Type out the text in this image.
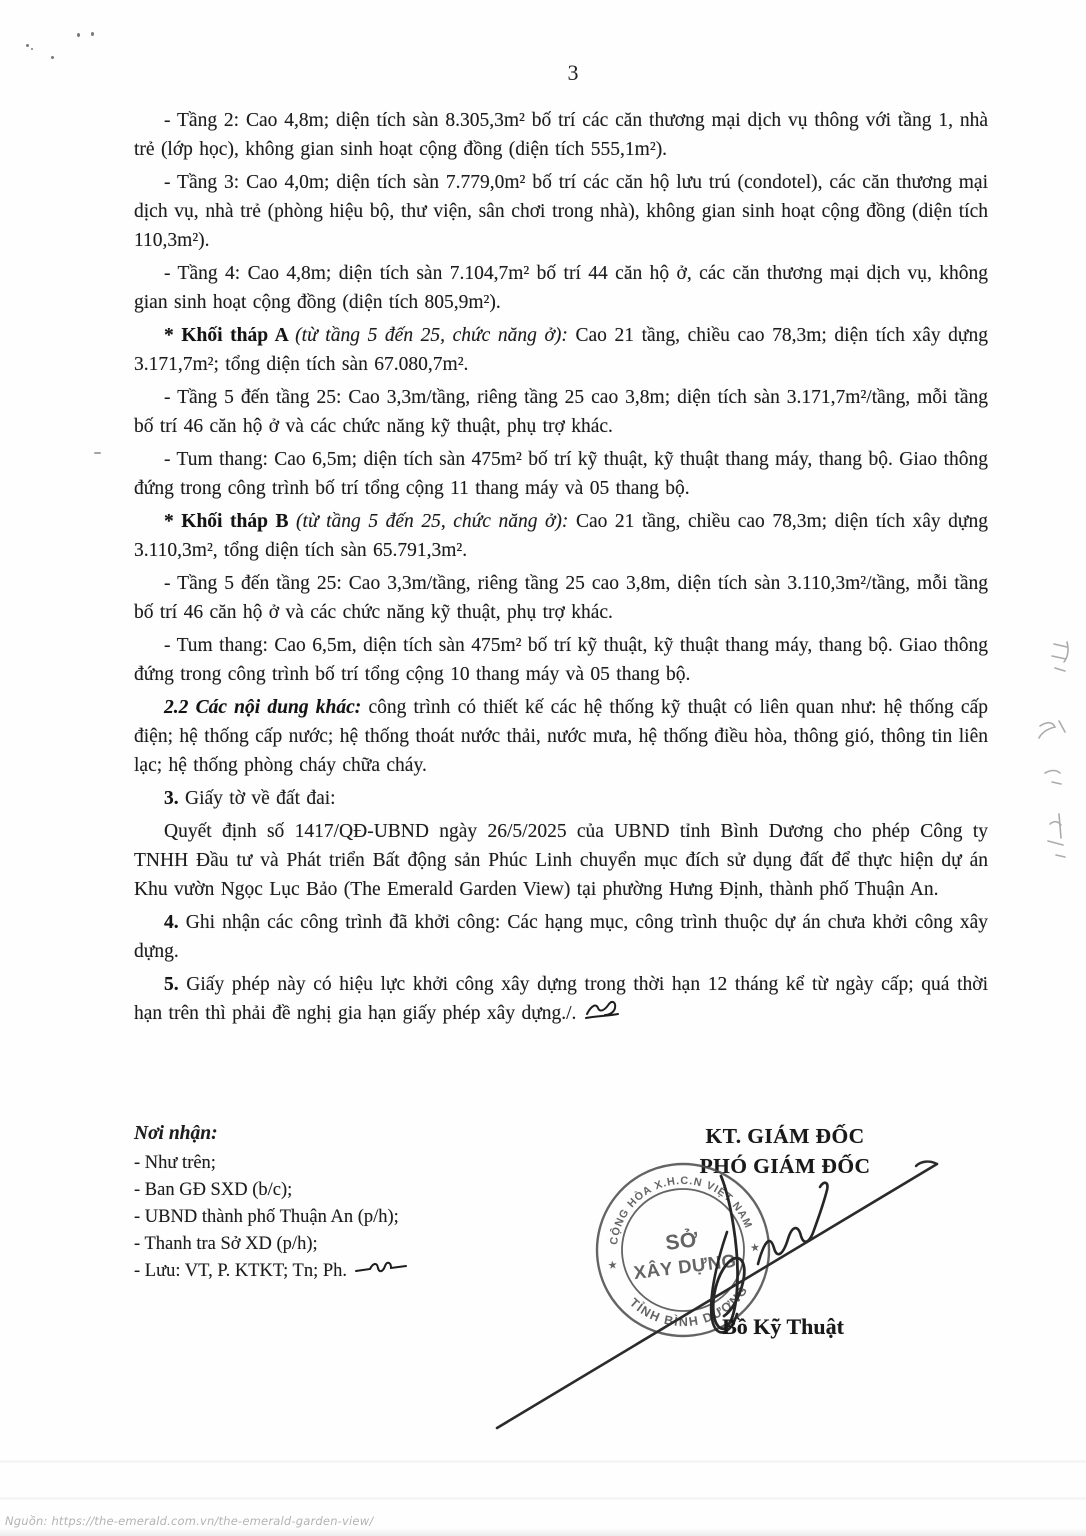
3

- Tầng 2: Cao 4,8m; diện tích sàn 8.305,3m² bố trí các căn thương mại dịch vụ thông với tầng 1, nhà trẻ (lớp học), không gian sinh hoạt cộng đồng (diện tích 555,1m²).

- Tầng 3: Cao 4,0m; diện tích sàn 7.779,0m² bố trí các căn hộ lưu trú (condotel), các căn thương mại dịch vụ, nhà trẻ (phòng hiệu bộ, thư viện, sân chơi trong nhà), không gian sinh hoạt cộng đồng (diện tích 110,3m²).

- Tầng 4: Cao 4,8m; diện tích sàn 7.104,7m² bố trí 44 căn hộ ở, các căn thương mại dịch vụ, không gian sinh hoạt cộng đồng (diện tích 805,9m²).

* Khối tháp A (từ tầng 5 đến 25, chức năng ở): Cao 21 tầng, chiều cao 78,3m; diện tích xây dựng 3.171,7m²; tổng diện tích sàn 67.080,7m².

- Tầng 5 đến tầng 25: Cao 3,3m/tầng, riêng tầng 25 cao 3,8m; diện tích sàn 3.171,7m²/tầng, mỗi tầng bố trí 46 căn hộ ở và các chức năng kỹ thuật, phụ trợ khác.

- Tum thang: Cao 6,5m; diện tích sàn 475m² bố trí kỹ thuật, kỹ thuật thang máy, thang bộ. Giao thông đứng trong công trình bố trí tổng cộng 11 thang máy và 05 thang bộ.

* Khối tháp B (từ tầng 5 đến 25, chức năng ở): Cao 21 tầng, chiều cao 78,3m; diện tích xây dựng 3.110,3m², tổng diện tích sàn 65.791,3m².

- Tầng 5 đến tầng 25: Cao 3,3m/tầng, riêng tầng 25 cao 3,8m, diện tích sàn 3.110,3m²/tầng, mỗi tầng bố trí 46 căn hộ ở và các chức năng kỹ thuật, phụ trợ khác.

- Tum thang: Cao 6,5m, diện tích sàn 475m² bố trí kỹ thuật, kỹ thuật thang máy, thang bộ. Giao thông đứng trong công trình bố trí tổng cộng 10 thang máy và 05 thang bộ.

2.2 Các nội dung khác: công trình có thiết kế các hệ thống kỹ thuật có liên quan như: hệ thống cấp điện; hệ thống cấp nước; hệ thống thoát nước thải, nước mưa, hệ thống điều hòa, thông gió, thông tin liên lạc; hệ thống phòng cháy chữa cháy.

3. Giấy tờ về đất đai:

Quyết định số 1417/QĐ-UBND ngày 26/5/2025 của UBND tỉnh Bình Dương cho phép Công ty TNHH Đầu tư và Phát triển Bất động sản Phúc Linh chuyển mục đích sử dụng đất để thực hiện dự án Khu vườn Ngọc Lục Bảo (The Emerald Garden View) tại phường Hưng Định, thành phố Thuận An.

4. Ghi nhận các công trình đã khởi công: Các hạng mục, công trình thuộc dự án chưa khởi công xây dựng.

5. Giấy phép này có hiệu lực khởi công xây dựng trong thời hạn 12 tháng kể từ ngày cấp; quá thời hạn trên thì phải đề nghị gia hạn giấy phép xây dựng./.

Nơi nhận:
- Như trên;
- Ban GĐ SXD (b/c);
- UBND thành phố Thuận An (p/h);
- Thanh tra Sở XD (p/h);
- Lưu: VT, P. KTKT; Tn; Ph.
KT. GIÁM ĐỐC
PHÓ GIÁM ĐỐC
CỘNG HÒA X.H.C.N VIỆT NAM
TỈNH BÌNH DƯƠNG
★
★
SỞ
XÂY DỰNG
Bồ Kỹ Thuật
Nguồn: https://the-emerald.com.vn/the-emerald-garden-view/
